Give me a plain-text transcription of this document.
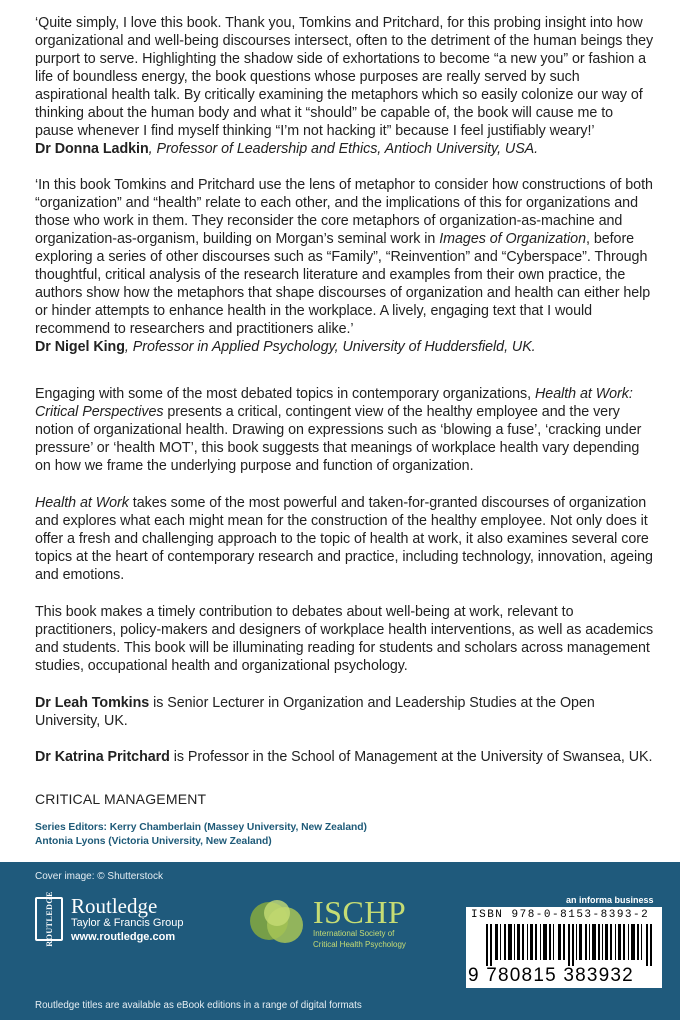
‘Quite simply, I love this book. Thank you, Tomkins and Pritchard, for this probing insight into how organizational and well-being discourses intersect, often to the detriment of the human beings they purport to serve. Highlighting the shadow side of exhortations to become “a new you” or fashion a life of boundless energy, the book questions whose purposes are really served by such aspirational health talk. By critically examining the metaphors which so easily colonize our way of thinking about the human body and what it “should” be capable of, the book will cause me to pause whenever I find myself thinking “I’m not hacking it” because I feel justifiably weary!’
Dr Donna Ladkin, Professor of Leadership and Ethics, Antioch University, USA.

‘In this book Tomkins and Pritchard use the lens of metaphor to consider how constructions of both “organization” and “health” relate to each other, and the implications of this for organizations and those who work in them. They reconsider the core metaphors of organization-as-machine and organization-as-organism, building on Morgan’s seminal work in Images of Organization, before exploring a series of other discourses such as “Family”, “Reinvention” and “Cyberspace”. Through thoughtful, critical analysis of the research literature and examples from their own practice, the authors show how the metaphors that shape discourses of organization and health can either help or hinder attempts to enhance health in the workplace. A lively, engaging text that I would recommend to researchers and practitioners alike.’
Dr Nigel King, Professor in Applied Psychology, University of Huddersfield, UK.

Engaging with some of the most debated topics in contemporary organizations, Health at Work: Critical Perspectives presents a critical, contingent view of the healthy employee and the very notion of organizational health. Drawing on expressions such as ‘blowing a fuse’, ‘cracking under pressure’ or ‘health MOT’, this book suggests that meanings of workplace health vary depending on how we frame the underlying purpose and function of organization.

Health at Work takes some of the most powerful and taken-for-granted discourses of organization and explores what each might mean for the construction of the healthy employee. Not only does it offer a fresh and challenging approach to the topic of health at work, it also examines several core topics at the heart of contemporary research and practice, including technology, innovation, ageing and emotions.

This book makes a timely contribution to debates about well-being at work, relevant to practitioners, policy-makers and designers of workplace health interventions, as well as academics and students. This book will be illuminating reading for students and scholars across management studies, occupational health and organizational psychology.

Dr Leah Tomkins is Senior Lecturer in Organization and Leadership Studies at the Open University, UK.

Dr Katrina Pritchard is Professor in the School of Management at the University of Swansea, UK.

CRITICAL MANAGEMENT
Series Editors: Kerry Chamberlain (Massey University, New Zealand)
Antonia Lyons (Victoria University, New Zealand)
Cover image: © Shutterstock
ROUTLEDGE Routledge
Taylor & Francis Group
www.routledge.com
ISCHP
International Society of
Critical Health Psychology
an informa business
ISBN 978-0-8153-8393-2
9 780815 383932
Routledge titles are available as eBook editions in a range of digital formats
